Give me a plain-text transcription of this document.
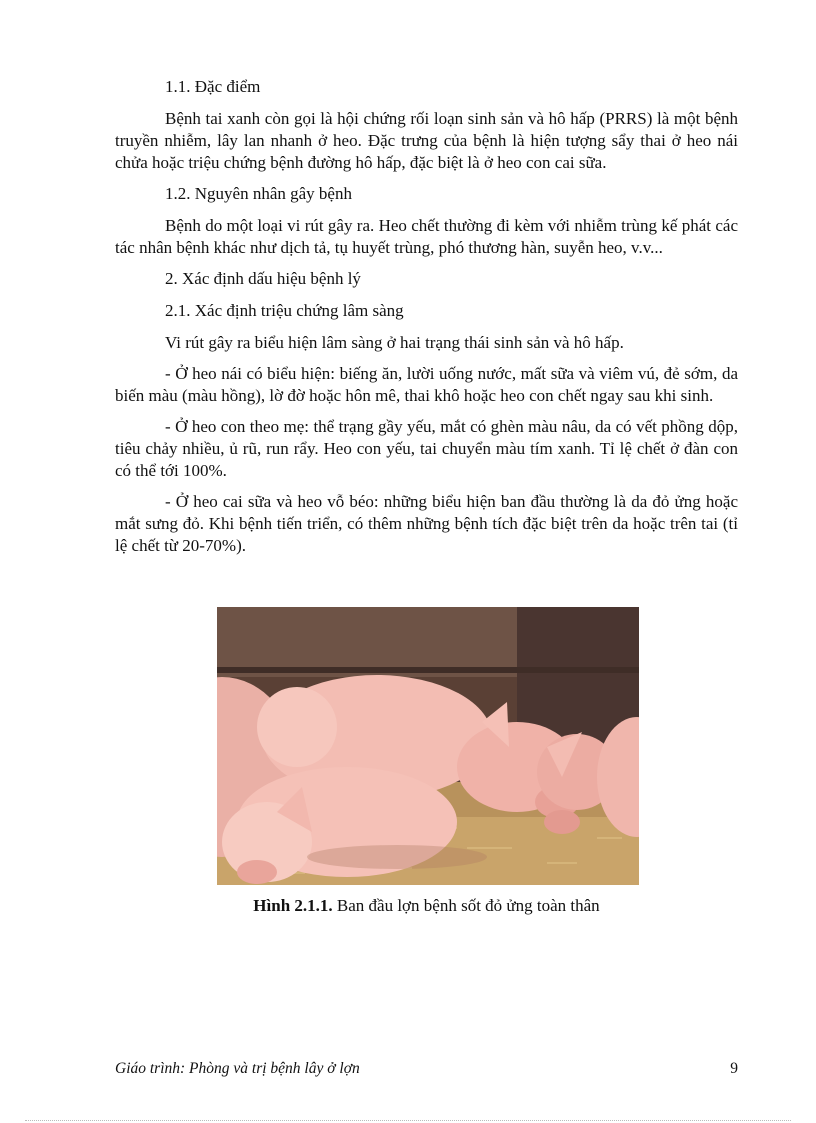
1.1. Đặc điểm

Bệnh tai xanh còn gọi là hội chứng rối loạn sinh sản và hô hấp (PRRS) là một bệnh truyền nhiễm, lây lan nhanh ở heo. Đặc trưng của bệnh là hiện tượng sẩy thai ở heo nái chửa hoặc triệu chứng bệnh đường hô hấp, đặc biệt là ở heo con cai sữa.

1.2. Nguyên nhân gây bệnh

Bệnh do một loại vi rút gây ra. Heo chết thường đi kèm với nhiễm trùng kế phát các tác nhân bệnh khác như dịch tả, tụ huyết trùng, phó thương hàn, suyễn heo, v.v...

2. Xác định dấu hiệu bệnh lý

2.1. Xác định triệu chứng lâm sàng

Vi rút gây ra biểu hiện lâm sàng ở hai trạng thái sinh sản và hô hấp.

- Ở heo nái có biểu hiện: biếng ăn, lười uống nước, mất sữa và viêm vú, đẻ sớm, da biến màu (màu hồng), lờ đờ hoặc hôn mê, thai khô hoặc heo con chết ngay sau khi sinh.

- Ở heo con theo mẹ: thể trạng gầy yếu, mắt có ghèn màu nâu, da có vết phồng dộp, tiêu chảy nhiều, ủ rũ, run rẩy. Heo con yếu, tai chuyển màu tím xanh. Tỉ lệ chết ở đàn con có thể tới 100%.

- Ở heo cai sữa và heo vỗ béo: những biểu hiện ban đầu thường là da đỏ ửng hoặc mắt sưng đỏ. Khi bệnh tiến triển, có thêm những bệnh tích đặc biệt trên da hoặc trên tai (tỉ lệ chết từ 20-70%).

Hình 2.1.1. Ban đầu lợn bệnh sốt đỏ ửng toàn thân
Giáo trình: Phòng và trị bệnh lây ở lợn	9
